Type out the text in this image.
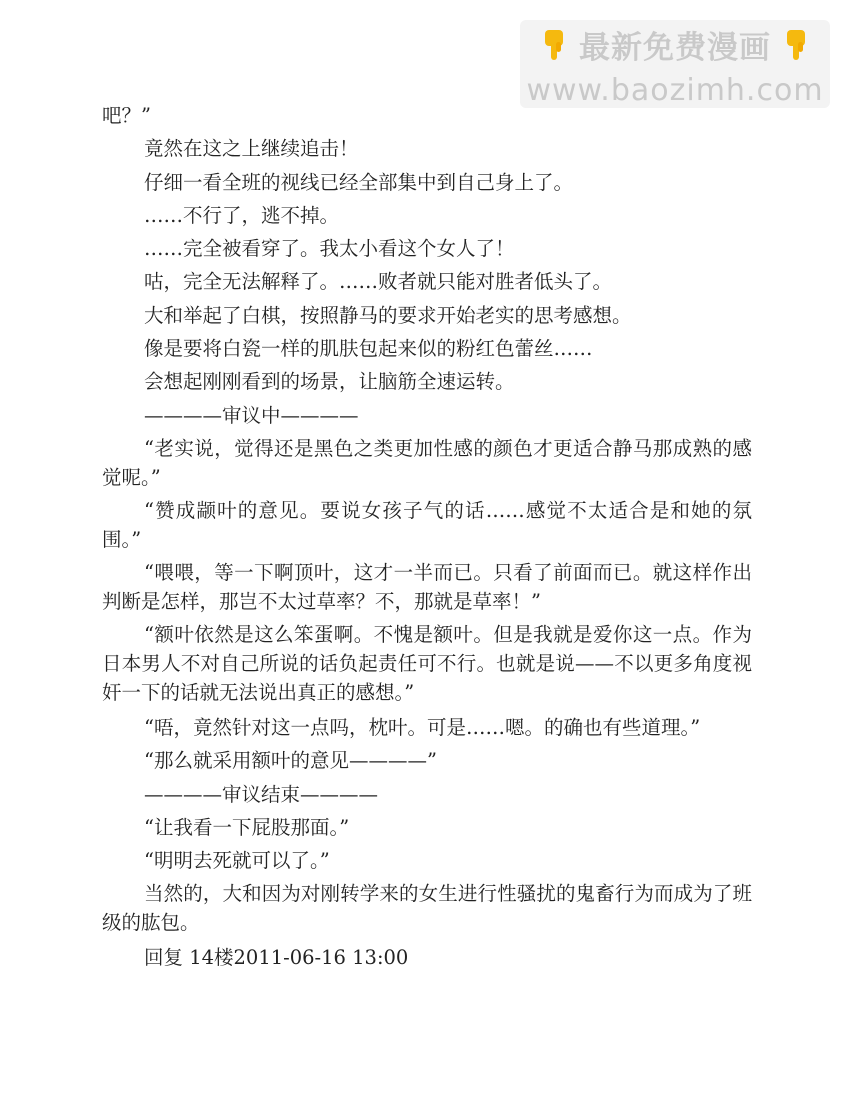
最新免费漫画
www.baozimh.com
吧？”
竟然在这之上继续追击！
仔细一看全班的视线已经全部集中到自己身上了。
……不行了，逃不掉。
……完全被看穿了。我太小看这个女人了！
咕，完全无法解释了。……败者就只能对胜者低头了。
大和举起了白棋，按照静马的要求开始老实的思考感想。
像是要将白瓷一样的肌肤包起来似的粉红色蕾丝……
会想起刚刚看到的场景，让脑筋全速运转。
————审议中————
“老实说，觉得还是黑色之类更加性感的颜色才更适合静马那成熟的感觉呢。”
“赞成颛叶的意见。要说女孩子气的话……感觉不太适合是和她的氛围。”
“喂喂，等一下啊顶叶，这才一半而已。只看了前面而已。就这样作出判断是怎样，那岂不太过草率？不，那就是草率！”
“额叶依然是这么笨蛋啊。不愧是额叶。但是我就是爱你这一点。作为日本男人不对自己所说的话负起责任可不行。也就是说——不以更多角度视奸一下的话就无法说出真正的感想。”
“唔，竟然针对这一点吗，枕叶。可是……嗯。的确也有些道理。”
“那么就采用额叶的意见————”
————审议结束————
“让我看一下屁股那面。”
“明明去死就可以了。”
当然的，大和因为对刚转学来的女生进行性骚扰的鬼畜行为而成为了班级的肱包。
回复 14楼2011-06-16 13:00
